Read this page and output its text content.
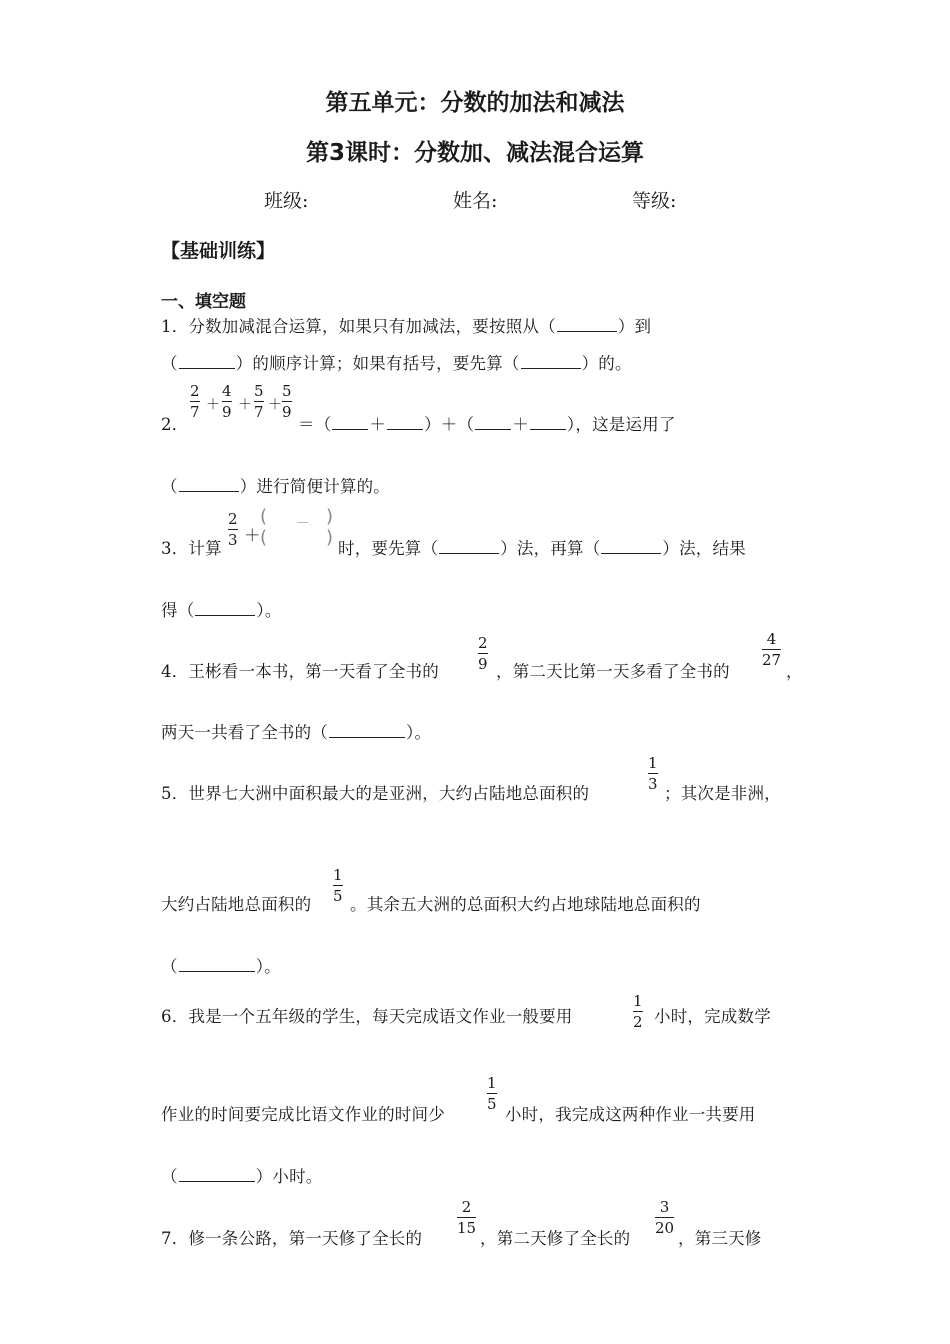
第五单元：分数的加法和减法
第3课时：分数加、减法混合运算
班级:	姓名:	等级:
【基础训练】
一、填空题
1．分数加减混合运算，如果只有加减法，要按照从（	）到
（	）的顺序计算；如果有括号，要先算（	）的。
2．
$\frac{2}{7} + \frac{4}{9} + \frac{5}{7} + \frac{5}{9}$
＝（ ＋ ）＋（ ＋ ），这是运用了
（	）进行简便计算的。
3．计算
$\frac{2}{3}$ ＋
(
(
－ )
)
时，要先算（	）法，再算（	）法，结果
得（	）。
4．王彬看一本书，第一天看了全书的	$\frac{2}{9}$ ，第二天比第一天多看了全书的
$\frac{4}{27}$
，
两天一共看了全书的（	）。
5．世界七大洲中面积最大的是亚洲，大约占陆地总面积的
$\frac{1}{3}$
；其次是非洲，
大约占陆地总面积的
$\frac{1}{5}$
。其余五大洲的总面积大约占地球陆地总面积的
（	）。
6．我是一个五年级的学生，每天完成语文作业一般要用	$\frac{1}{2}$ 小时，完成数学
作业的时间要完成比语文作业的时间少
$\frac{1}{5}$
小时，我完成这两种作业一共要用
（	）小时。
7．修一条公路，第一天修了全长的
$\frac{2}{15}$
，第二天修了全长的
$\frac{3}{20}$
，第三天修
